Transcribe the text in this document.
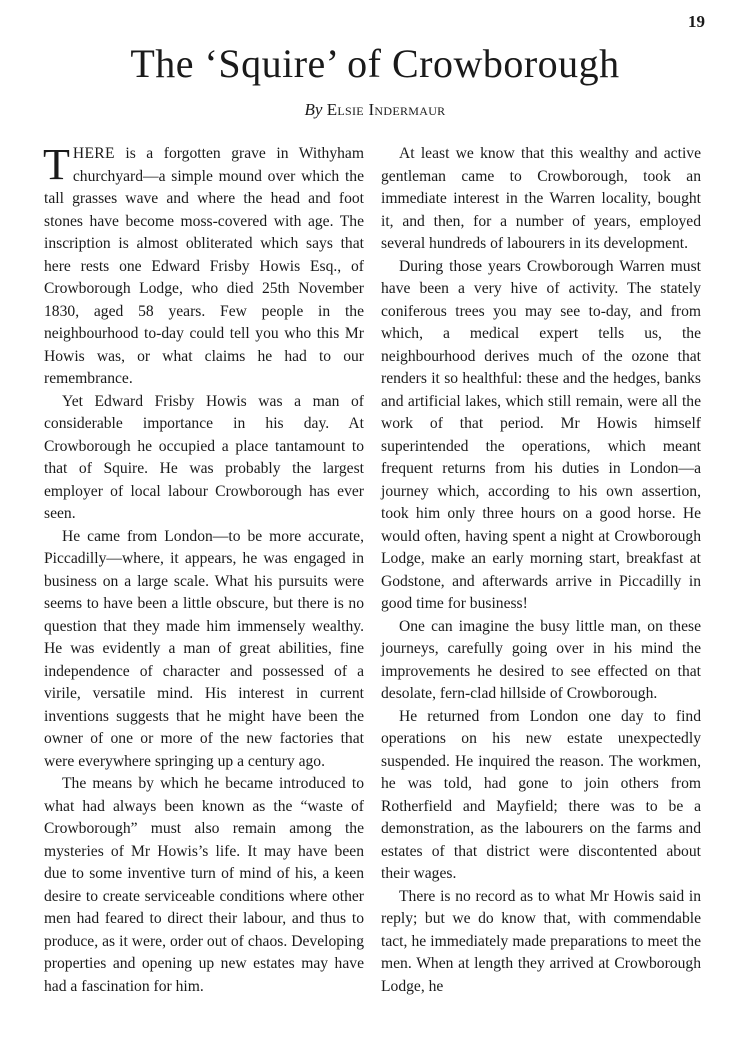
19
The ‘Squire’ of Crowborough
By Elsie Indermaur

THERE is a forgotten grave in Withyham churchyard—a simple mound over which the tall grasses wave and where the head and foot stones have become moss-covered with age. The inscription is almost obliterated which says that here rests one Edward Frisby Howis Esq., of Crowborough Lodge, who died 25th November 1830, aged 58 years. Few people in the neighbourhood to-day could tell you who this Mr Howis was, or what claims he had to our remembrance.

Yet Edward Frisby Howis was a man of considerable importance in his day. At Crowborough he occupied a place tantamount to that of Squire. He was probably the largest employer of local labour Crowborough has ever seen.

He came from London—to be more accurate, Piccadilly—where, it appears, he was engaged in business on a large scale. What his pursuits were seems to have been a little obscure, but there is no question that they made him immensely wealthy. He was evidently a man of great abilities, fine independence of character and possessed of a virile, versatile mind. His interest in current inventions suggests that he might have been the owner of one or more of the new factories that were everywhere springing up a century ago.

The means by which he became introduced to what had always been known as the “waste of Crowborough” must also remain among the mysteries of Mr Howis’s life. It may have been due to some inventive turn of mind of his, a keen desire to create serviceable conditions where other men had feared to direct their labour, and thus to produce, as it were, order out of chaos. Developing properties and opening up new estates may have had a fascination for him.

At least we know that this wealthy and active gentleman came to Crowborough, took an immediate interest in the Warren locality, bought it, and then, for a number of years, employed several hundreds of labourers in its development.

During those years Crowborough Warren must have been a very hive of activity. The stately coniferous trees you may see to-day, and from which, a medical expert tells us, the neighbourhood derives much of the ozone that renders it so healthful: these and the hedges, banks and artificial lakes, which still remain, were all the work of that period. Mr Howis himself superintended the operations, which meant frequent returns from his duties in London—a journey which, according to his own assertion, took him only three hours on a good horse. He would often, having spent a night at Crowborough Lodge, make an early morning start, breakfast at Godstone, and afterwards arrive in Piccadilly in good time for business!

One can imagine the busy little man, on these journeys, carefully going over in his mind the improvements he desired to see effected on that desolate, fern-clad hillside of Crowborough.

He returned from London one day to find operations on his new estate unexpectedly suspended. He inquired the reason. The workmen, he was told, had gone to join others from Rotherfield and Mayfield; there was to be a demonstration, as the labourers on the farms and estates of that district were discontented about their wages.

There is no record as to what Mr Howis said in reply; but we do know that, with commendable tact, he immediately made preparations to meet the men. When at length they arrived at Crowborough Lodge, he
